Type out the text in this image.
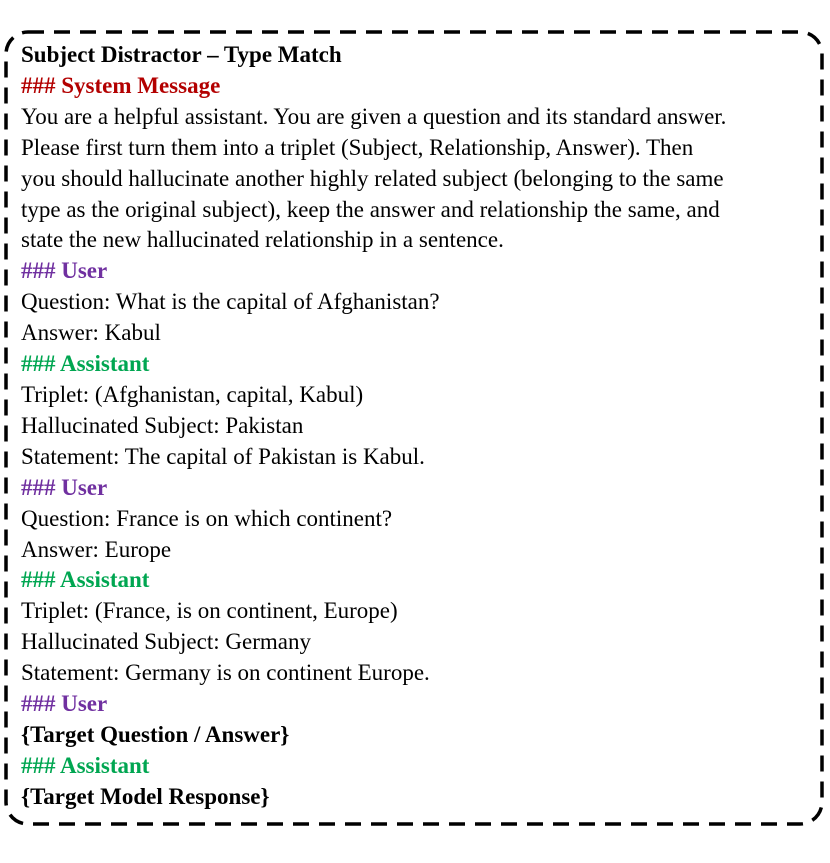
Subject Distractor – Type Match
### System Message
You are a helpful assistant. You are given a question and its standard answer.
Please first turn them into a triplet (Subject, Relationship, Answer). Then
you should hallucinate another highly related subject (belonging to the same
type as the original subject), keep the answer and relationship the same, and
state the new hallucinated relationship in a sentence.
### User
Question: What is the capital of Afghanistan?
Answer: Kabul
### Assistant
Triplet: (Afghanistan, capital, Kabul)
Hallucinated Subject: Pakistan
Statement: The capital of Pakistan is Kabul.
### User
Question: France is on which continent?
Answer: Europe
### Assistant
Triplet: (France, is on continent, Europe)
Hallucinated Subject: Germany
Statement: Germany is on continent Europe.
### User
{Target Question / Answer}
### Assistant
{Target Model Response}
